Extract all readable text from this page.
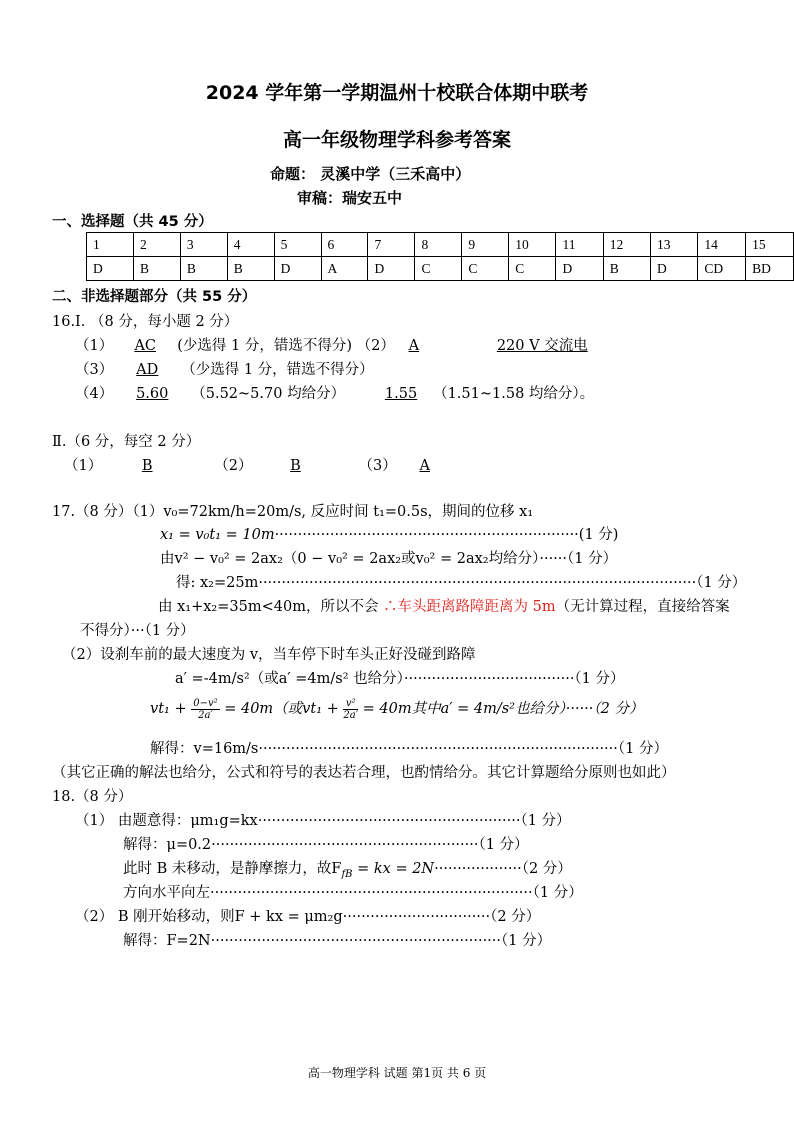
2024 学年第一学期温州十校联合体期中联考
高一年级物理学科参考答案
命题： 灵溪中学（三禾高中）
审稿：瑞安五中
一、选择题（共 45 分）
1	2	3	4	5	6	7	8	9	10	11	12	13	14	15
D	B	B	B	D	A	D	C	C	C	D	B	D	CD	BD
二、非选择题部分（共 55 分）
16.Ⅰ. （8 分，每小题 2 分）
（1） AC (少选得 1 分，错选不得分) （2） A	220 V 交流电
（3） AD （少选得 1 分，错选不得分）
（4） 5.60 （5.52~5.70 均给分）	1.55 （1.51~1.58 均给分）。
Ⅱ.（6 分，每空 2 分）
（1）	B	（2）	B	（3） A
17.（8 分）（1）v₀=72km/h=20m/s, 反应时间 t₁=0.5s，期间的位移 x₁
x₁ = v₀t₁ = 10m··································································(1 分)
由v² − v₀² = 2ax₂（0 − v₀² = 2ax₂或v₀² = 2ax₂均给分）······（1 分）
得: x₂=25m·······························································································（1 分）
由 x₁+x₂=35m<40m，所以不会 ∴车头距离路障距离为 5m（无计算过程，直接给答案
不得分）···（1 分）
（2）设刹车前的最大速度为 v，当车停下时车头正好没碰到路障
a′ =-4m/s²（或a′ =4m/s² 也给分）·····································（1 分）
$vt_1 + \frac{\text{0−v²}}{2a'} = 40m$（或$vt_1 + \frac{\text{v²}}{2a'} = 40m$其中a′ = 4m/s²也给分）······（2 分）
解得：v=16m/s··············································································（1 分）
（其它正确的解法也给分，公式和符号的表达若合理，也酌情给分。其它计算题给分原则也如此）
18.（8 分）
（1） 由题意得：μm₁g=kx·························································（1 分）
解得：μ=0.2··························································（1 分）
此时 B 未移动，是静摩擦力，故$F_{fB}$ = kx = 2N···················（2 分）
方向水平向左······································································（1 分）
（2） B 刚开始移动，则F + kx = μm₂g································（2 分）
解得：F=2N·······························································（1 分）
高一物理学科 试题 第1页 共 6 页
